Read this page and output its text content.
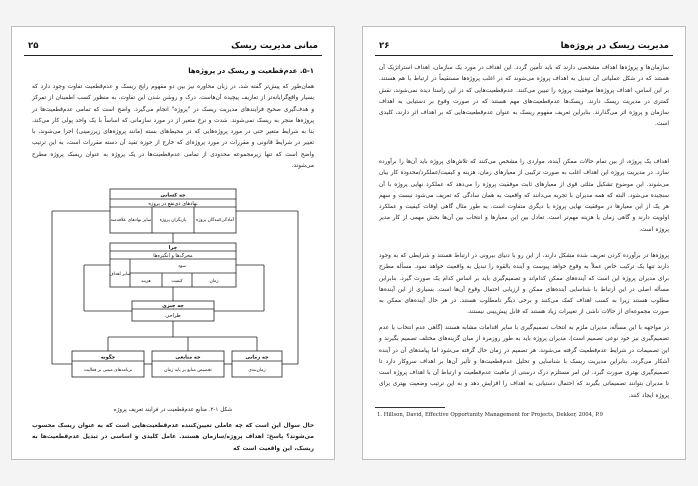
مبانی مدیریت ریسک
۲۵
۵-۱. عدم‌قطعیت و ریسک در پروژه‌ها
همان‌طور که پیش‌تر گفته شد، در زبان محاوره نیز بین دو مفهوم رایج ریسک و عدم‌قطعیت تفاوت وجود دارد که بسیار واقع‌گرایانه‌تر از تعاریف پیچیده آن‌هاست. درک و روشن شدن این تفاوت، به منظور کسب اطمینان از تمرکز و هدف‌گیری صحیح فرایندهای مدیریت ریسک در "پروژه" انجام می‌گیرد. واضح است که تمامی عدم‌قطعیت‌ها در پروژه‌ها منجر به ریسک نمی‌شوند. شدت و نرخ متغیر از در مورد سازمانی که اساساً با یک واحد پولی کار می‌کند، بنا به شرایط متغیر حتی در مورد پروژه‌هایی که در محیط‌های بسته (مانند پروژه‌های زیرزمینی) اجرا می‌شوند، با تغییر در شرایط قانونی و مقررات در مورد پروژه‌ای که خارج از حوزه تقید آن دسته مقررات است، به این ترتیب واضح است که تنها زیرمجموعه محدودی از تمامی عدم‌قطعیت‌ها در یک پروژه به عنوان ریسک پروژه مطرح می‌شوند.
چه کسانی
نهادهای ذی‌نفع در پروژه
سایر نهادهای علاقه‌مند بازیگران پروژه آمادگی‌کنندگان پروژه
چرا
محرک‌ها و انگیزه‌ها
سایر اهداف
سود
هزینه	کیفیت	زمان
چه چیزی
طراحی
چگونه
برنامه‌های مبتنی بر فعالیت
چه منابعی
تخصیص منابع بر پایه زمان
چه زمانی
زمان‌بندی
شکل ۱-۲. منابع عدم‌قطعیت در فرایند تعریف پروژه
حال سوال این است که چه عاملی تعیین‌کننده عدم‌قطعیت‌هایی است که به عنوان ریسک محسوب می‌شوند؟ پاسخ: اهداف پروژه/سازمان هستند. عامل کلیدی و اساسی در تبدیل عدم‌قطعیت‌ها به ریسک، این واقعیت است که
مدیریت ریسک در پروژه‌ها
۲۶
سازمان‌ها و پروژه‌ها اهداف مشخصی دارند که باید تأمین گردد. این اهداف در مورد یک سازمان، اهداف استراتژیک آن هستند که در شکل عملیاتی آن تبدیل به اهداف پروژه می‌شوند که در اغلب پروژه‌ها مستقیماً در ارتباط با هم هستند. بر این اساس، اهداف پروژه‌ها موفقیت پروژه را تبیین می‌کنند. عدم‌قطعیت‌هایی که در این راستا دیده نمی‌شوند، نقش کمتری در مدیریت ریسک دارند. ریسک‌ها عدم‌قطعیت‌های مهم هستند که در صورت وقوع بر دستیابی به اهداف سازمان و پروژه اثر می‌گذارند. بنابراین تعریف مفهوم ریسک به عنوان عدم‌قطعیت‌هایی که بر اهداف اثر دارند، کلیدی است.
اهداف یک پروژه، از بین تمام حالات ممکن آینده، مواردی را مشخص می‌کنند که تلاش‌های پروژه باید آن‌ها را برآورده سازد. در مدیریت پروژه این اهداف اغلب به صورت ترکیبی از معیارهای زمان، هزینه و کیفیت/عملکرد/محدوده کار بیان می‌شوند. این موضوع تشکیل مثلثی قوی از معیارهای ثابت موفقیت پروژه را می‌دهد که عملکرد نهایی پروژه با آن سنجیده می‌شود. البته که همه مدیران با تجربه می‌دانند که واقعیت به همان سادگی که تعریف می‌شود نیست و سهم هر یک از این معیارها در موفقیت نهایی پروژه با دیگری متفاوت است. به طور مثال گاهی اوقات کیفیت و عملکرد اولویت دارند و گاهی زمان یا هزینه مهم‌تر است. تعادل بین این معیارها و انتخاب بین آن‌ها بخش مهمی از کار مدیر پروژه است.
پروژه‌ها در برآورده کردن تعریف شده مشکل دارند، از این رو با دنیای بیرونی در ارتباط هستند و شرایطی که به وجود دارند تنها یک ترکیب خاص عملاً به وقوع خواهد پیوست و آینده بالقوه را تبدیل به واقعیت خواهد نمود. مسأله مطرح برای مدیران پروژه این است که آینده‌های ممکن کدام‌اند و تصمیم‌گیری باید بر اساس کدام یک صورت گیرد. بنابراین مسأله اصلی در این ارتباط با شناسایی آینده‌های ممکن و ارزیابی احتمال وقوع آن‌ها است. بسیاری از این آینده‌ها مطلوب هستند زیرا به کسب اهداف کمک می‌کنند و برخی دیگر نامطلوب هستند. در هر حال آینده‌های ممکن به صورت مجموعه‌ای از حالات ناشی از تغییرات زیاد هستند که قابل پیش‌بینی نیستند.
در مواجهه با این مسأله، مدیران ملزم به انتخاب تصمیم‌گیری با سایر اقدامات مشابه هستند (گاهی عدم انتخاب یا عدم تصمیم‌گیری نیز خود نوعی تصمیم است). مدیران پروژه باید به طور روزمره از میان گزینه‌های مختلف تصمیم بگیرند و این تصمیمات در شرایط عدم‌قطعیت گرفته می‌شوند. هر تصمیم در زمان حال گرفته می‌شود اما پیامدهای آن در آینده آشکار می‌گردد. بنابراین مدیریت ریسک با شناسایی و تحلیل عدم‌قطعیت‌ها و تأثیر آن‌ها بر اهداف سروکار دارد تا تصمیم‌گیری بهتری صورت گیرد. این امر مستلزم درک درستی از ماهیت عدم‌قطعیت و ارتباط آن با اهداف پروژه است تا مدیران بتوانند تصمیماتی بگیرند که احتمال دستیابی به اهداف را افزایش دهد و به این ترتیب وضعیت بهتری برای پروژه ایجاد کنند.
1. Hillson, David, Effective Opportunity Management for Projects, Dekker, 2004, P.9
